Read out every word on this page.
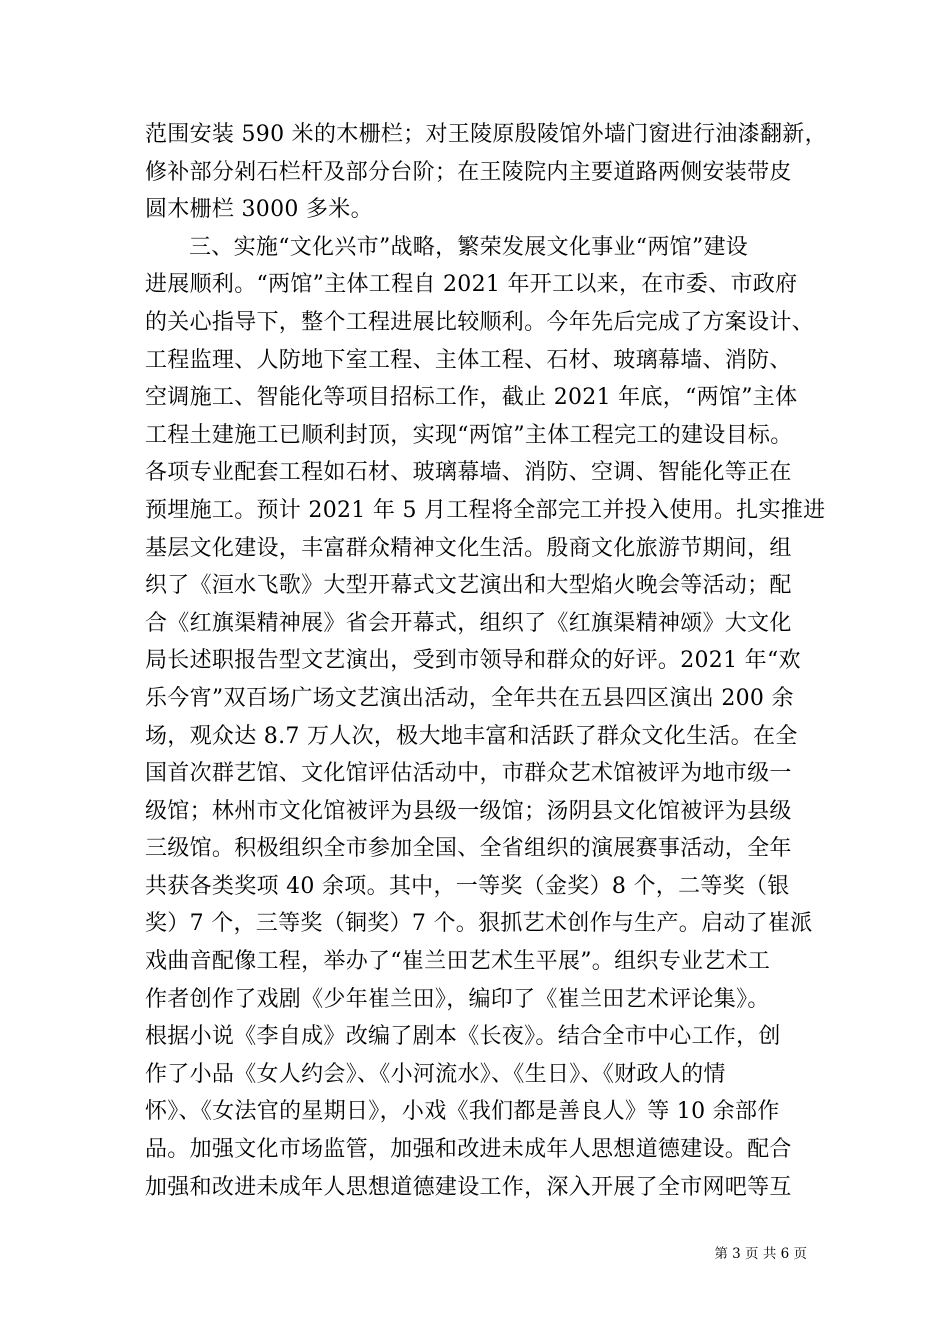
范围安装 590 米的木栅栏；对王陵原殷陵馆外墙门窗进行油漆翻新，
修补部分剁石栏杆及部分台阶；在王陵院内主要道路两侧安装带皮
圆木栅栏 3000 多米。
三、实施“文化兴市”战略，繁荣发展文化事业“两馆”建设
进展顺利。“两馆”主体工程自 2021 年开工以来，在市委、市政府
的关心指导下，整个工程进展比较顺利。今年先后完成了方案设计、
工程监理、人防地下室工程、主体工程、石材、玻璃幕墙、消防、
空调施工、智能化等项目招标工作，截止 2021 年底，“两馆”主体
工程土建施工已顺利封顶，实现“两馆”主体工程完工的建设目标。
各项专业配套工程如石材、玻璃幕墙、消防、空调、智能化等正在
预埋施工。预计 2021 年 5 月工程将全部完工并投入使用。扎实推进
基层文化建设，丰富群众精神文化生活。殷商文化旅游节期间，组
织了《洹水飞歌》大型开幕式文艺演出和大型焰火晚会等活动；配
合《红旗渠精神展》省会开幕式，组织了《红旗渠精神颂》大文化
局长述职报告型文艺演出，受到市领导和群众的好评。2021 年“欢
乐今宵”双百场广场文艺演出活动，全年共在五县四区演出 200 余
场，观众达 8.7 万人次，极大地丰富和活跃了群众文化生活。在全
国首次群艺馆、文化馆评估活动中，市群众艺术馆被评为地市级一
级馆；林州市文化馆被评为县级一级馆；汤阴县文化馆被评为县级
三级馆。积极组织全市参加全国、全省组织的演展赛事活动，全年
共获各类奖项 40 余项。其中，一等奖（金奖）8 个，二等奖（银
奖）7 个，三等奖（铜奖）7 个。狠抓艺术创作与生产。启动了崔派
戏曲音配像工程，举办了“崔兰田艺术生平展”。组织专业艺术工
作者创作了戏剧《少年崔兰田》，编印了《崔兰田艺术评论集》。
根据小说《李自成》改编了剧本《长夜》。结合全市中心工作，创
作了小品《女人约会》、《小河流水》、《生日》、《财政人的情
怀》、《女法官的星期日》，小戏《我们都是善良人》等 10 余部作
品。加强文化市场监管，加强和改进未成年人思想道德建设。配合
加强和改进未成年人思想道德建设工作，深入开展了全市网吧等互
第 3 页 共 6 页
